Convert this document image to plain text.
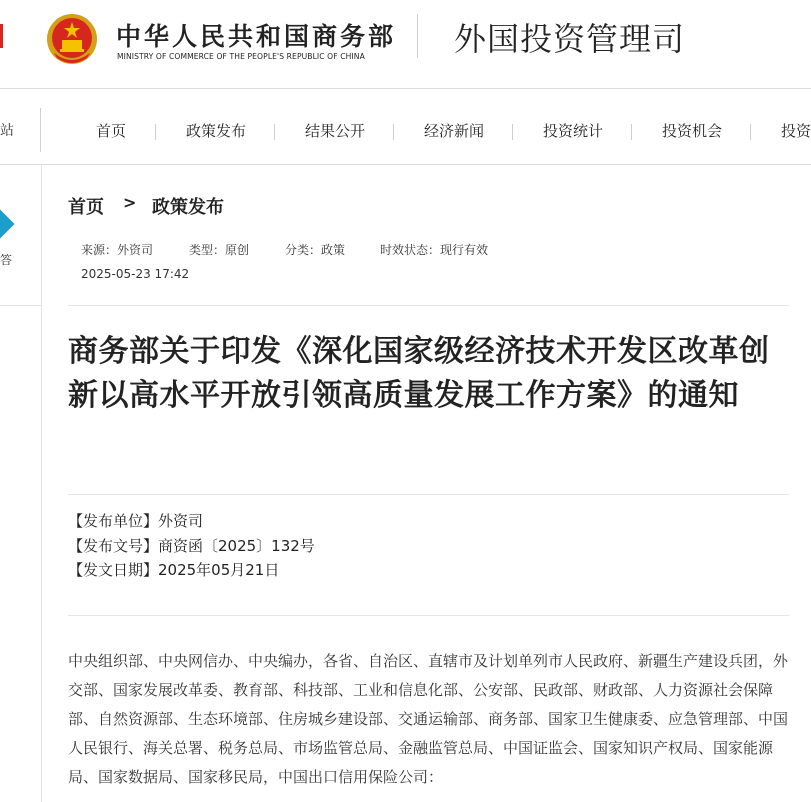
中华人民共和国商务部
MINISTRY OF COMMERCE OF THE PEOPLE'S REPUBLIC OF CHINA	外国投资管理司
站	首页	政策发布	结果公开	经济新闻	投资统计	投资机会	投资
答
首页 > 政策发布
来源：外资司	类型：原创	分类：政策	时效状态：现行有效
2025-05-23 17:42
商务部关于印发《深化国家级经济技术开发区改革创新以高水平开放引领高质量发展工作方案》的通知
【发布单位】外资司
【发布文号】商资函〔2025〕132号
【发文日期】2025年05月21日
中央组织部、中央网信办、中央编办，各省、自治区、直辖市及计划单列市人民政府、新疆生产建设兵团，外交部、国家发展改革委、教育部、科技部、工业和信息化部、公安部、民政部、财政部、人力资源社会保障部、自然资源部、生态环境部、住房城乡建设部、交通运输部、商务部、国家卫生健康委、应急管理部、中国人民银行、海关总署、税务总局、市场监管总局、金融监管总局、中国证监会、国家知识产权局、国家能源局、国家数据局、国家移民局，中国出口信用保险公司：
